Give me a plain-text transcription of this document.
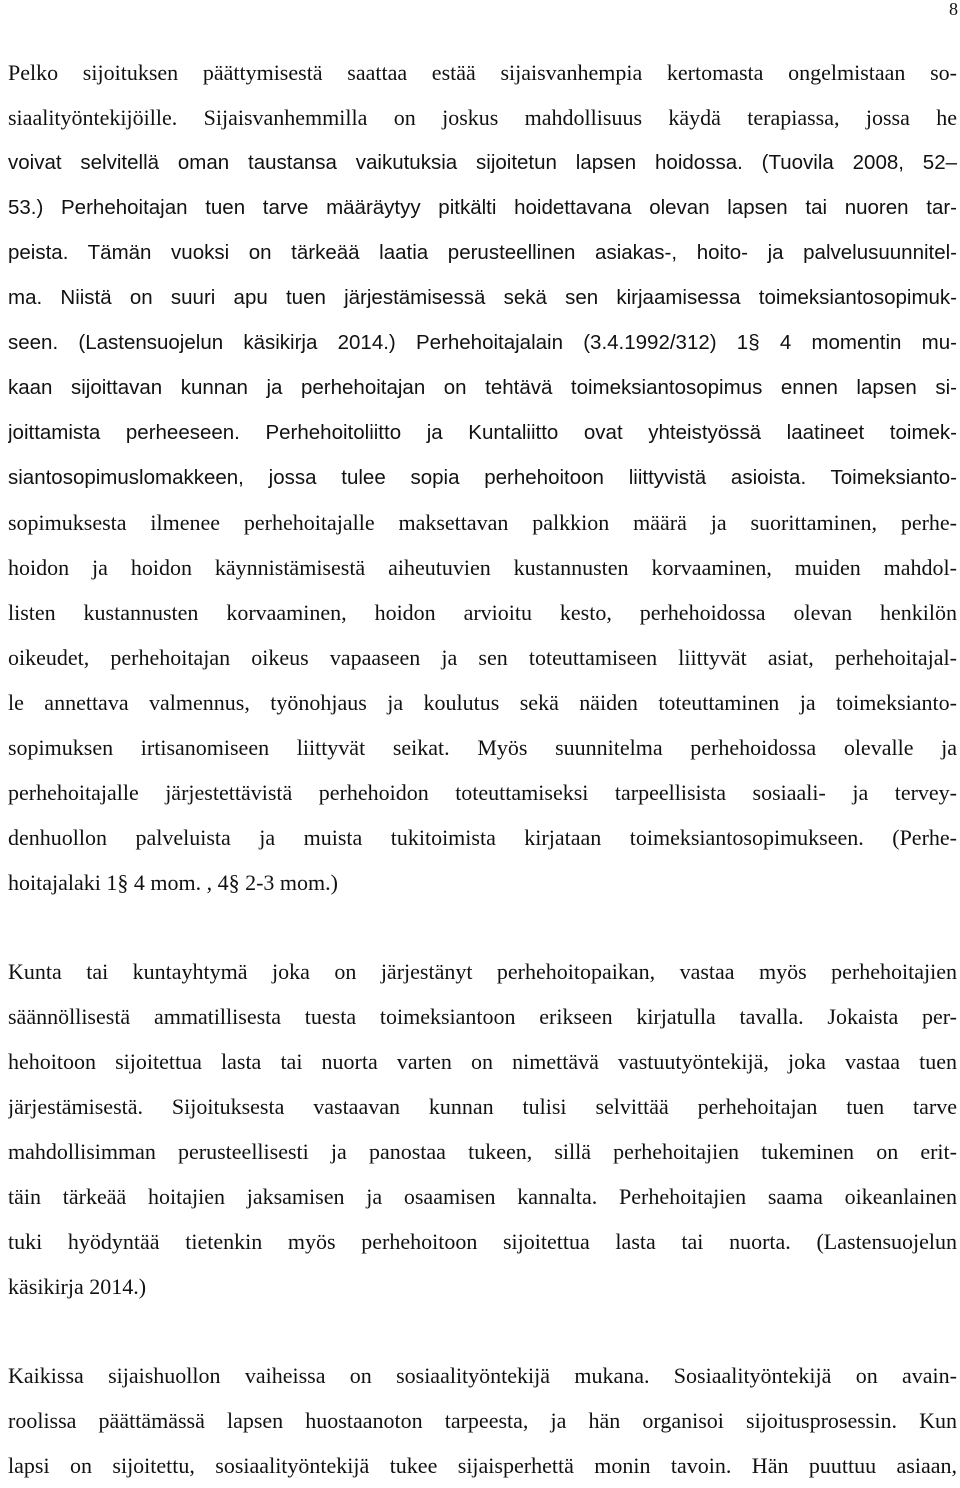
8
Pelko sijoituksen päättymisestä saattaa estää sijaisvanhempia kertomasta ongelmistaan so-
siaalityöntekijöille. Sijaisvanhemmilla on joskus mahdollisuus käydä terapiassa, jossa he
voivat selvitellä oman taustansa vaikutuksia sijoitetun lapsen hoidossa. (Tuovila 2008, 52–
53.) Perhehoitajan tuen tarve määräytyy pitkälti hoidettavana olevan lapsen tai nuoren tar-
peista. Tämän vuoksi on tärkeää laatia perusteellinen asiakas-, hoito- ja palvelusuunnitel-
ma. Niistä on suuri apu tuen järjestämisessä sekä sen kirjaamisessa toimeksiantosopimuk-
seen. (Lastensuojelun käsikirja 2014.) Perhehoitajalain (3.4.1992/312) 1§ 4 momentin mu-
kaan sijoittavan kunnan ja perhehoitajan on tehtävä toimeksiantosopimus ennen lapsen si-
joittamista perheeseen. Perhehoitoliitto ja Kuntaliitto ovat yhteistyössä laatineet toimek-
siantosopimuslomakkeen, jossa tulee sopia perhehoitoon liittyvistä asioista. Toimeksianto-
sopimuksesta ilmenee perhehoitajalle maksettavan palkkion määrä ja suorittaminen, perhe-
hoidon ja hoidon käynnistämisestä aiheutuvien kustannusten korvaaminen, muiden mahdol-
listen kustannusten korvaaminen, hoidon arvioitu kesto, perhehoidossa olevan henkilön
oikeudet, perhehoitajan oikeus vapaaseen ja sen toteuttamiseen liittyvät asiat, perhehoitajal-
le annettava valmennus, työnohjaus ja koulutus sekä näiden toteuttaminen ja toimeksianto-
sopimuksen irtisanomiseen liittyvät seikat. Myös suunnitelma perhehoidossa olevalle ja
perhehoitajalle järjestettävistä perhehoidon toteuttamiseksi tarpeellisista sosiaali- ja tervey-
denhuollon palveluista ja muista tukitoimista kirjataan toimeksiantosopimukseen. (Perhe-
hoitajalaki 1§ 4 mom. , 4§ 2-3 mom.)
Kunta tai kuntayhtymä joka on järjestänyt perhehoitopaikan, vastaa myös perhehoitajien
säännöllisestä ammatillisesta tuesta toimeksiantoon erikseen kirjatulla tavalla. Jokaista per-
hehoitoon sijoitettua lasta tai nuorta varten on nimettävä vastuutyöntekijä, joka vastaa tuen
järjestämisestä. Sijoituksesta vastaavan kunnan tulisi selvittää perhehoitajan tuen tarve
mahdollisimman perusteellisesti ja panostaa tukeen, sillä perhehoitajien tukeminen on erit-
täin tärkeää hoitajien jaksamisen ja osaamisen kannalta. Perhehoitajien saama oikeanlainen
tuki hyödyntää tietenkin myös perhehoitoon sijoitettua lasta tai nuorta. (Lastensuojelun
käsikirja 2014.)
Kaikissa sijaishuollon vaiheissa on sosiaalityöntekijä mukana. Sosiaalityöntekijä on avain-
roolissa päättämässä lapsen huostaanoton tarpeesta, ja hän organisoi sijoitusprosessin. Kun
lapsi on sijoitettu, sosiaalityöntekijä tukee sijaisperhettä monin tavoin. Hän puuttuu asiaan,
